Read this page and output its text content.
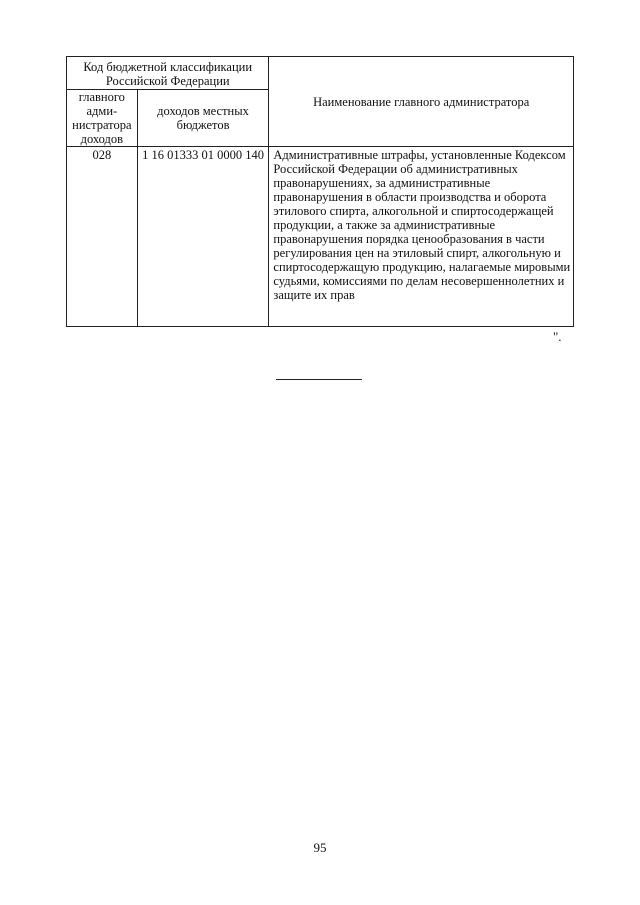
Код бюджетной классификации Российской Федерации		Наименование главного администратора
главного адми-нистратора доходов	доходов местных бюджетов	
028	1 16 01333 01 0000 140	Административные штрафы, установленные Кодексом Российской Федерации об административных правонарушениях, за административные правонарушения в области производства и оборота этилового спирта, алкогольной и спиртосодержащей продукции, а также за административные правонарушения порядка ценообразования в части регулирования цен на этиловый спирт, алкогольную и спиртосодержащую продукцию, налагаемые мировыми судьями, комиссиями по делам несовершеннолетних и защите их прав
".
95
